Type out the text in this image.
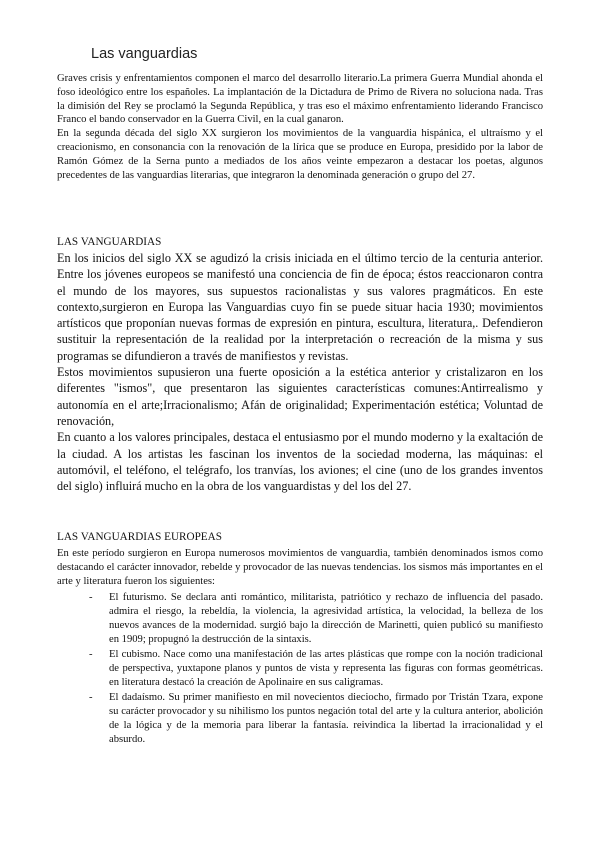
Las vanguardias

Graves crisis y enfrentamientos componen el marco del desarrollo literario.La primera Guerra Mundial ahonda el foso ideológico entre los españoles. La implantación de la Dictadura de Primo de Rivera no soluciona nada. Tras la dimisión del Rey se proclamó la Segunda República, y tras eso el máximo enfrentamiento liderando Francisco Franco el bando conservador en la Guerra Civil, en la cual ganaron.

En la segunda década del siglo XX surgieron los movimientos de la vanguardia hispánica, el ultraísmo y el creacionismo, en consonancia con la renovación de la lírica que se produce en Europa, presidido por la labor de Ramón Gómez de la Serna punto a mediados de los años veinte empezaron a destacar los poetas, algunos precedentes de las vanguardias literarias, que integraron la denominada generación o grupo del 27.

LAS VANGUARDIAS

En los inicios del siglo XX se agudizó la crisis iniciada en el último tercio de la centuria anterior. Entre los jóvenes europeos se manifestó una conciencia de fin de época; éstos reaccionaron contra el mundo de los mayores, sus supuestos racionalistas y sus valores pragmáticos. En este contexto,surgieron en Europa las Vanguardias cuyo fin se puede situar hacia 1930; movimientos artísticos que proponían nuevas formas de expresión en pintura, escultura, literatura,. Defendieron sustituir la representación de la realidad por la interpretación o recreación de la misma y sus programas se difundieron a través de manifiestos y revistas.

Estos movimientos supusieron una fuerte oposición a la estética anterior y cristalizaron en los diferentes "ismos", que presentaron las siguientes características comunes:Antirrealismo y autonomía en el arte;Irracionalismo; Afán de originalidad; Experimentación estética; Voluntad de renovación,

En cuanto a los valores principales, destaca el entusiasmo por el mundo moderno y la exaltación de la ciudad. A los artistas les fascinan los inventos de la sociedad moderna, las máquinas: el automóvil, el teléfono, el telégrafo, los tranvías, los aviones; el cine (uno de los grandes inventos del siglo) influirá mucho en la obra de los vanguardistas y del los del 27.

LAS VANGUARDIAS EUROPEAS

En este período surgieron en Europa numerosos movimientos de vanguardia, también denominados ismos como destacando el carácter innovador, rebelde y provocador de las nuevas tendencias. los sismos más importantes en el arte y literatura fueron los siguientes:

- El futurismo. Se declara anti romántico, militarista, patriótico y rechazo de influencia del pasado. admira el riesgo, la rebeldía, la violencia, la agresividad artística, la velocidad, la belleza de los nuevos avances de la modernidad. surgió bajo la dirección de Marinetti, quien publicó su manifiesto en 1909; propugnó la destrucción de la sintaxis.
- El cubismo. Nace como una manifestación de las artes plásticas que rompe con la noción tradicional de perspectiva, yuxtapone planos y puntos de vista y representa las figuras con formas geométricas. en literatura destacó la creación de Apolinaire en sus caligramas.
- El dadaísmo. Su primer manifiesto en mil novecientos dieciocho, firmado por Tristán Tzara, expone su carácter provocador y su nihilismo los puntos negación total del arte y la cultura anterior, abolición de la lógica y de la memoria para liberar la fantasía. reivindica la libertad la irracionalidad y el absurdo.
